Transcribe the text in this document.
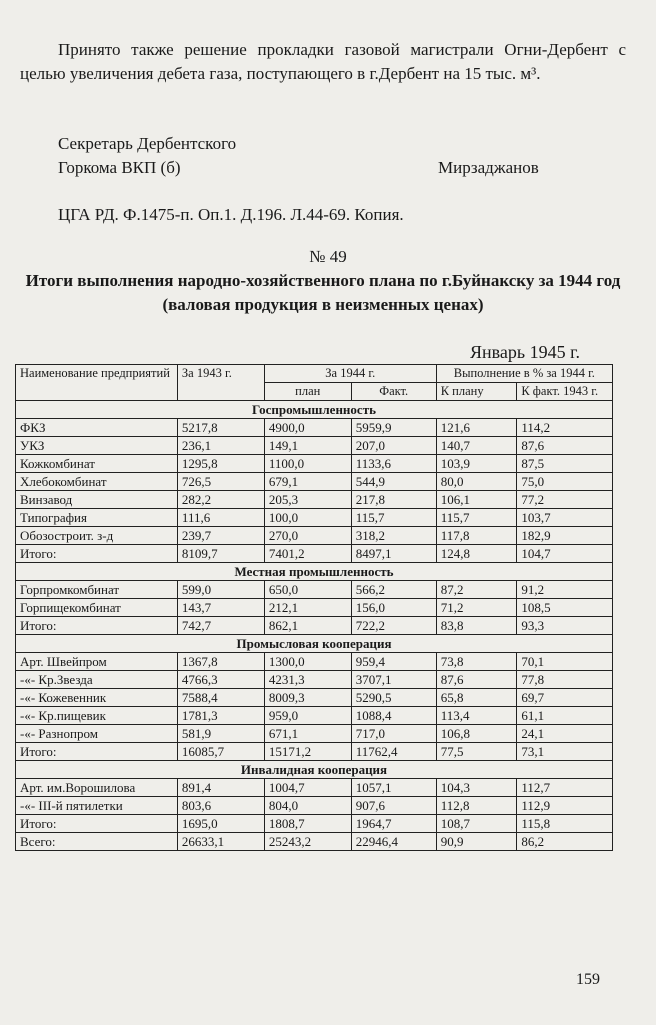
Принято также решение прокладки газовой магистрали Огни-Дербент с целью увеличения дебета газа, поступающего в г.Дербент на 15 тыс. м³.
Секретарь Дербентского
Горкома ВКП (б)	Мирзаджанов
ЦГА РД. Ф.1475-п. Оп.1. Д.196. Л.44-69. Копия.
№ 49
Итоги выполнения народно-хозяйственного плана по г.Буйнакску за 1944 год (валовая продукция в неизменных ценах)
Январь 1945 г.
Наименование предприятий	За 1943 г.	За 1944 г.		Выполнение в % за 1944 г.	
		план	Факт.	К плану	К факт. 1943 г.
Госпромышленность					
ФКЗ	5217,8	4900,0	5959,9	121,6	114,2
УКЗ	236,1	149,1	207,0	140,7	87,6
Кожкомбинат	1295,8	1100,0	1133,6	103,9	87,5
Хлебокомбинат	726,5	679,1	544,9	80,0	75,0
Винзавод	282,2	205,3	217,8	106,1	77,2
Типография	111,6	100,0	115,7	115,7	103,7
Обозостроит. з-д	239,7	270,0	318,2	117,8	182,9
Итого:	8109,7	7401,2	8497,1	124,8	104,7
Местная промышленность					
Горпромкомбинат	599,0	650,0	566,2	87,2	91,2
Горпищекомбинат	143,7	212,1	156,0	71,2	108,5
Итого:	742,7	862,1	722,2	83,8	93,3
Промысловая кооперация					
Арт. Швейпром	1367,8	1300,0	959,4	73,8	70,1
-«- Кр.Звезда	4766,3	4231,3	3707,1	87,6	77,8
-«- Кожевенник	7588,4	8009,3	5290,5	65,8	69,7
-«- Кр.пищевик	1781,3	959,0	1088,4	113,4	61,1
-«- Разнопром	581,9	671,1	717,0	106,8	24,1
Итого:	16085,7	15171,2	11762,4	77,5	73,1
Инвалидная кооперация					
Арт. им.Ворошилова	891,4	1004,7	1057,1	104,3	112,7
-«- III-й пятилетки	803,6	804,0	907,6	112,8	112,9
Итого:	1695,0	1808,7	1964,7	108,7	115,8
Всего:	26633,1	25243,2	22946,4	90,9	86,2
159
